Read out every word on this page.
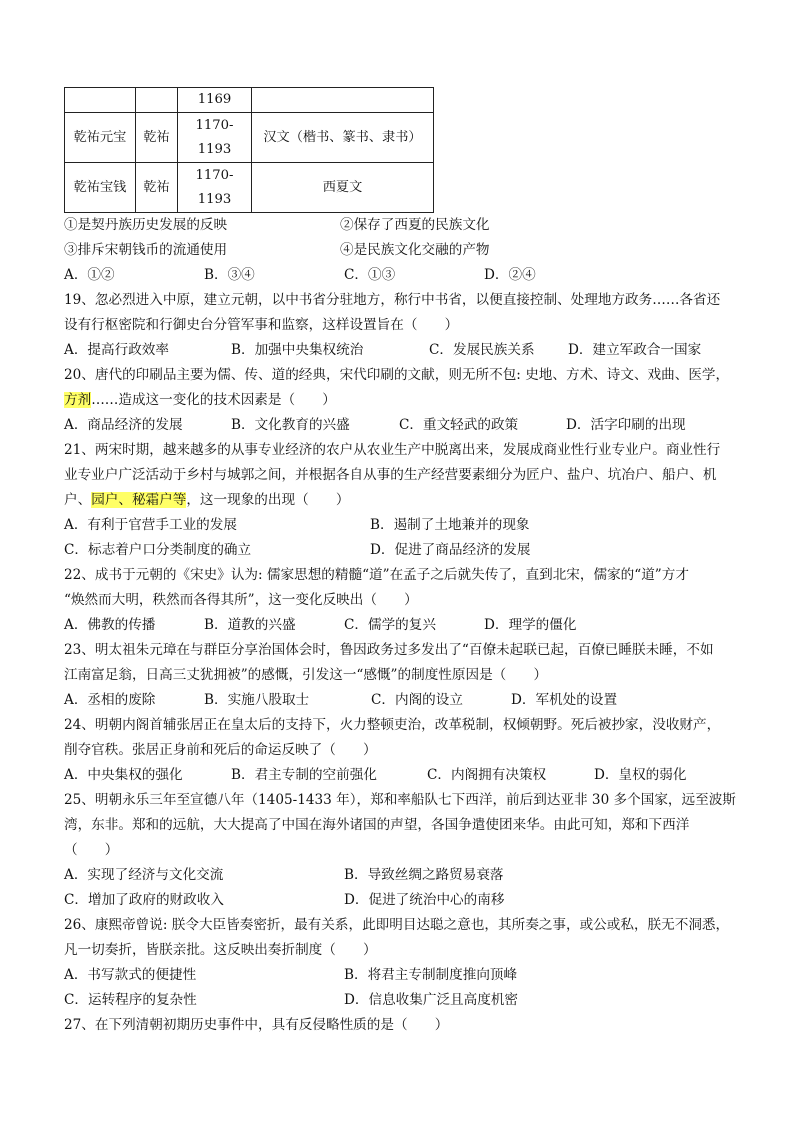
		1169	
乾祐元宝	乾祐	1170-
1193	汉文（楷书、篆书、隶书）
乾祐宝钱	乾祐	1170-
1193	西夏文
①是契丹族历史发展的反映	②保存了西夏的民族文化
③排斥宋朝钱币的流通使用	④是民族文化交融的产物
A．①②	B．③④	C．①③	D．②④
19、忽必烈进入中原，建立元朝，以中书省分驻地方，称行中书省，以便直接控制、处理地方政务……各省还
设有行枢密院和行御史台分管军事和监察，这样设置旨在（　　）
A．提高行政效率	B．加强中央集权统治	C．发展民族关系 D．建立军政合一国家
20、唐代的印刷品主要为儒、传、道的经典，宋代印刷的文献，则无所不包: 史地、方术、诗文、戏曲、医学，
方剂……造成这一变化的技术因素是（　　）
A．商品经济的发展	B．文化教育的兴盛	C．重文轻武的政策	D．活字印刷的出现
21、两宋时期，越来越多的从事专业经济的农户从农业生产中脱离出来，发展成商业性行业专业户。商业性行
业专业户广泛活动于乡村与城郭之间，并根据各自从事的生产经营要素细分为匠户、盐户、坑冶户、船户、机
户、园户、秘霜户等，这一现象的出现（　　）
A．有利于官营手工业的发展	B．遏制了土地兼并的现象
C．标志着户口分类制度的确立	D．促进了商品经济的发展
22、成书于元朝的《宋史》认为: 儒家思想的精髓“道”在孟子之后就失传了，直到北宋，儒家的“道”方才
“焕然而大明，秩然而各得其所”，这一变化反映出（　　）
A．佛教的传播	B．道教的兴盛	C．儒学的复兴	D．理学的僵化
23、明太祖朱元璋在与群臣分享治国体会时，鲁因政务过多发出了“百僚未起联已起，百僚已睡朕未睡，不如
江南富足翁，日高三丈犹拥被”的感慨，引发这一“感慨”的制度性原因是（　　）
A．丞相的废除	B．实施八股取士	C．内阁的设立	D．军机处的设置
24、明朝内阁首辅张居正在皇太后的支持下，火力整顿吏治，改革税制，权倾朝野。死后被抄家，没收财产，
削夺官秩。张居正身前和死后的命运反映了（　　）
A．中央集权的强化	B．君主专制的空前强化	C．内阁拥有决策权	D．皇权的弱化
25、明朝永乐三年至宣德八年（1405-1433 年），郑和率船队七下西洋，前后到达亚非 30 多个国家，远至波斯
湾，东非。郑和的远航，大大提高了中国在海外诸国的声望，各国争遣使团来华。由此可知，郑和下西洋
（　　）
A．实现了经济与文化交流	B．导致丝绸之路贸易衰落
C．增加了政府的财政收入	D．促进了统治中心的南移
26、康熙帝曾说: 朕令大臣皆奏密折，最有关系，此即明目达聪之意也，其所奏之事，或公或私，朕无不洞悉，
凡一切奏折，皆朕亲批。这反映出奏折制度（　　）
A．书写款式的便捷性	B．将君主专制制度推向顶峰
C．运转程序的复杂性	D．信息收集广泛且高度机密
27、在下列清朝初期历史事件中，具有反侵略性质的是（　　）
